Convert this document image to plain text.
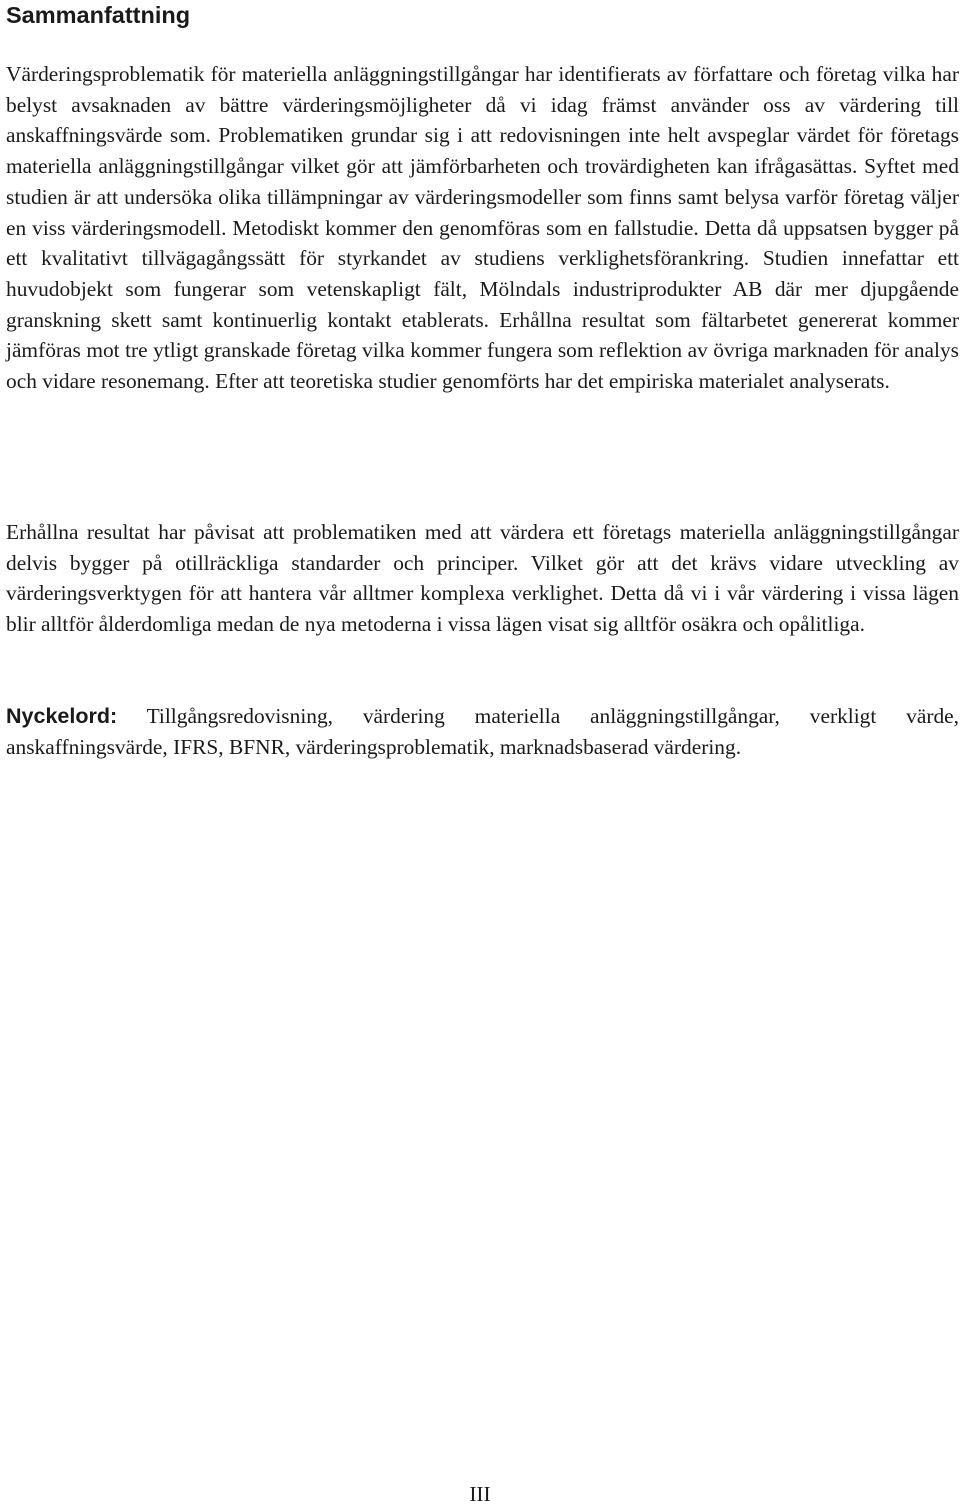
Sammanfattning

Värderingsproblematik för materiella anläggningstillgångar har identifierats av författare och företag vilka har belyst avsaknaden av bättre värderingsmöjligheter då vi idag främst använder oss av värdering till anskaffningsvärde som. Problematiken grundar sig i att redovisningen inte helt avspeglar värdet för företags materiella anläggningstillgångar vilket gör att jämförbarheten och trovärdigheten kan ifrågasättas. Syftet med studien är att undersöka olika tillämpningar av värderingsmodeller som finns samt belysa varför företag väljer en viss värderingsmodell. Metodiskt kommer den genomföras som en fallstudie. Detta då uppsatsen bygger på ett kvalitativt tillvägagångssätt för styrkandet av studiens verklighetsförankring. Studien innefattar ett huvudobjekt som fungerar som vetenskapligt fält, Mölndals industriprodukter AB där mer djupgående granskning skett samt kontinuerlig kontakt etablerats. Erhållna resultat som fältarbetet genererat kommer jämföras mot tre ytligt granskade företag vilka kommer fungera som reflektion av övriga marknaden för analys och vidare resonemang. Efter att teoretiska studier genomförts har det empiriska materialet analyserats.

Erhållna resultat har påvisat att problematiken med att värdera ett företags materiella anläggningstillgångar delvis bygger på otillräckliga standarder och principer. Vilket gör att det krävs vidare utveckling av värderingsverktygen för att hantera vår alltmer komplexa verklighet. Detta då vi i vår värdering i vissa lägen blir alltför ålderdomliga medan de nya metoderna i vissa lägen visat sig alltför osäkra och opålitliga.

Nyckelord: Tillgångsredovisning, värdering materiella anläggningstillgångar, verkligt värde, anskaffningsvärde, IFRS, BFNR, värderingsproblematik, marknadsbaserad värdering.

III
